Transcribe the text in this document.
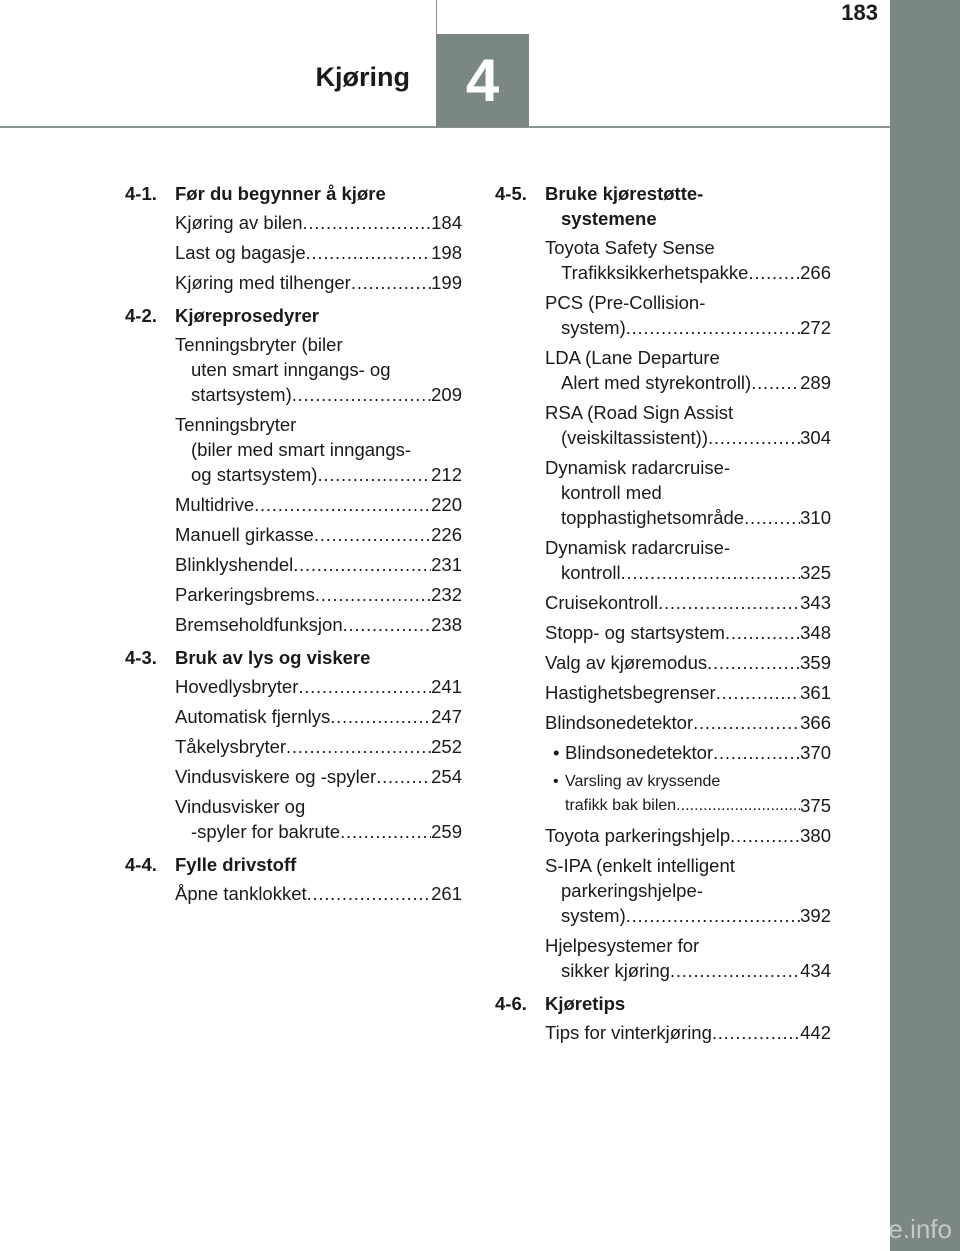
183
Kjøring 4
4-1. Før du begynner å kjøre
Kjøring av bilen . . .	184
Last og bagasje . . .	198
Kjøring med tilhenger . . .	199
4-2. Kjøreprosedyrer
Tenningsbryter (biler
uten smart inngangs- og
startsystem) . . .	209
Tenningsbryter
(biler med smart inngangs-
og startsystem) . . .	212
Multidrive . . .	220
Manuell girkasse . . .	226
Blinklyshendel . . .	231
Parkeringsbrems . . .	232
Bremseholdfunksjon . . .	238
4-3. Bruk av lys og viskere
Hovedlysbryter . . .	241
Automatisk fjernlys . . .	247
Tåkelysbryter . . .	252
Vindusviskere og -spyler . . .	254
Vindusvisker og
-spyler for bakrute . . .	259
4-4. Fylle drivstoff
Åpne tanklokket . . .	261
4-5. Bruke kjørestøtte-
systemene
Toyota Safety Sense
Trafikksikkerhetspakke . . .	266
PCS (Pre-Collision-
system) . . .	272
LDA (Lane Departure
Alert med styrekontroll) . . .	289
RSA (Road Sign Assist
(veiskiltassistent)) . . .	304
Dynamisk radarcruise-
kontroll med
topphastighetsområde . . .	310
Dynamisk radarcruise-
kontroll . . .	325
Cruisekontroll . . .	343
Stopp- og startsystem . . .	348
Valg av kjøremodus . . .	359
Hastighetsbegrenser . . .	361
Blindsonedetektor . . .	366
• Blindsonedetektor . . .	370
• Varsling av kryssende
trafikk bak bilen . . .	375
Toyota parkeringshjelp . . .	380
S-IPA (enkelt intelligent
parkeringshjelpe-
system) . . .	392
Hjelpesystemer for
sikker kjøring . . .	434
4-6. Kjøretips
Tips for vinterkjøring . . .	442
carmanualsonline.info
